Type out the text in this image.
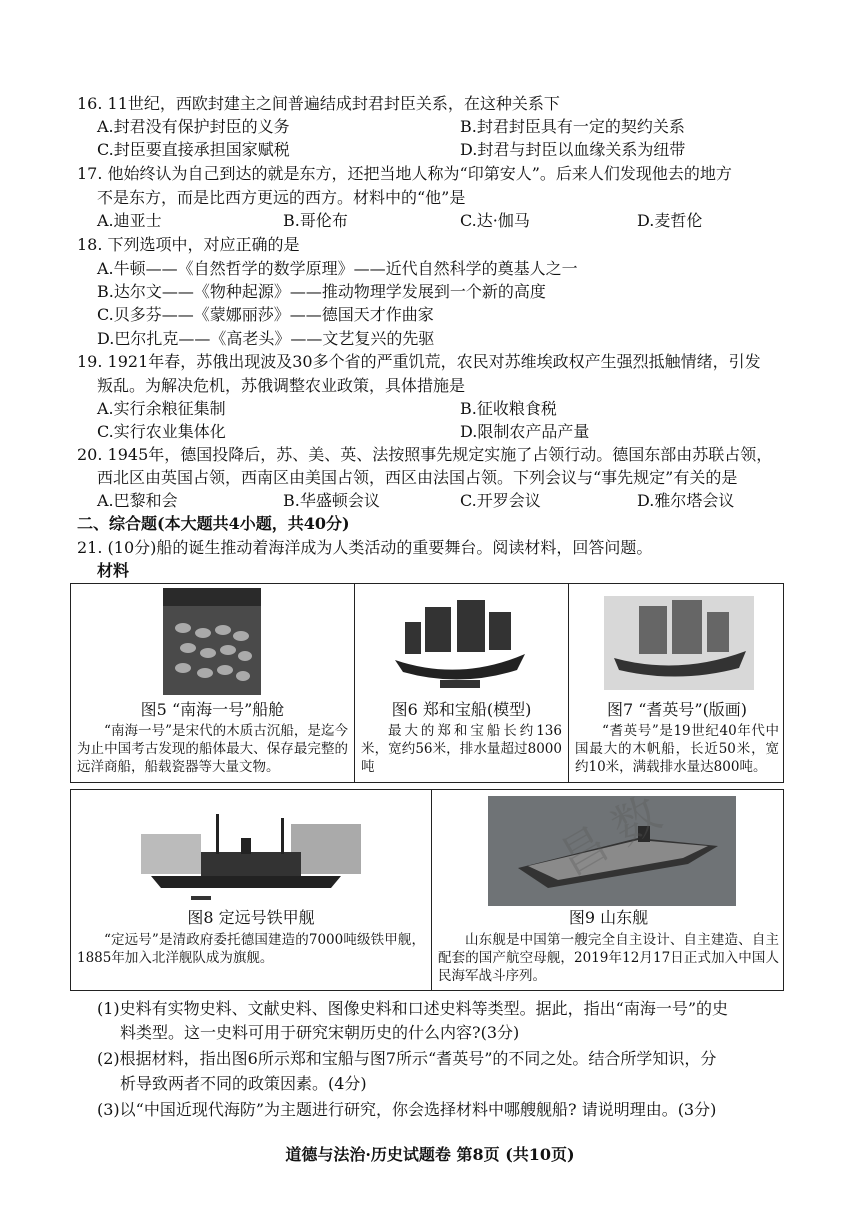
16. 11世纪，西欧封建主之间普遍结成封君封臣关系，在这种关系下
A.封君没有保护封臣的义务	B.封君封臣具有一定的契约关系
C.封臣要直接承担国家赋税	D.封君与封臣以血缘关系为纽带
17. 他始终认为自己到达的就是东方，还把当地人称为“印第安人”。后来人们发现他去的地方
不是东方，而是比西方更远的西方。材料中的“他”是
A.迪亚士	B.哥伦布	C.达·伽马	D.麦哲伦
18. 下列选项中，对应正确的是
A.牛顿——《自然哲学的数学原理》——近代自然科学的奠基人之一
B.达尔文——《物种起源》——推动物理学发展到一个新的高度
C.贝多芬——《蒙娜丽莎》——德国天才作曲家
D.巴尔扎克——《高老头》——文艺复兴的先驱
19. 1921年春，苏俄出现波及30多个省的严重饥荒，农民对苏维埃政权产生强烈抵触情绪，引发
叛乱。为解决危机，苏俄调整农业政策，具体措施是
A.实行余粮征集制	B.征收粮食税
C.实行农业集体化	D.限制农产品产量
20. 1945年，德国投降后，苏、美、英、法按照事先规定实施了占领行动。德国东部由苏联占领，
西北区由英国占领，西南区由美国占领，西区由法国占领。下列会议与“事先规定”有关的是
A.巴黎和会	B.华盛顿会议	C.开罗会议	D.雅尔塔会议
二、综合题(本大题共4小题，共40分)
21. (10分)船的诞生推动着海洋成为人类活动的重要舞台。阅读材料，回答问题。
材料
图5 “南海一号”船舱
“南海一号”是宋代的木质古沉船，是迄今为止中国考古发现的船体最大、保存最完整的远洋商船，船载瓷器等大量文物。
图6 郑和宝船(模型)
最大的郑和宝船长约136米，宽约56米，排水量超过8000吨
图7 “耆英号”(版画)
“耆英号”是19世纪40年代中国最大的木帆船，长近50米，宽约10米，满载排水量达800吨。
图8 定远号铁甲舰
“定远号”是清政府委托德国建造的7000吨级铁甲舰，1885年加入北洋舰队成为旗舰。
图9 山东舰
山东舰是中国第一艘完全自主设计、自主建造、自主配套的国产航空母舰，2019年12月17日正式加入中国人民海军战斗序列。
昌 数
(1)史料有实物史料、文献史料、图像史料和口述史料等类型。据此，指出“南海一号”的史
料类型。这一史料可用于研究宋朝历史的什么内容?(3分)
(2)根据材料，指出图6所示郑和宝船与图7所示“耆英号”的不同之处。结合所学知识，分
析导致两者不同的政策因素。(4分)
(3)以“中国近现代海防”为主题进行研究，你会选择材料中哪艘舰船? 请说明理由。(3分)
道德与法治·历史试题卷 第8页 (共10页)
